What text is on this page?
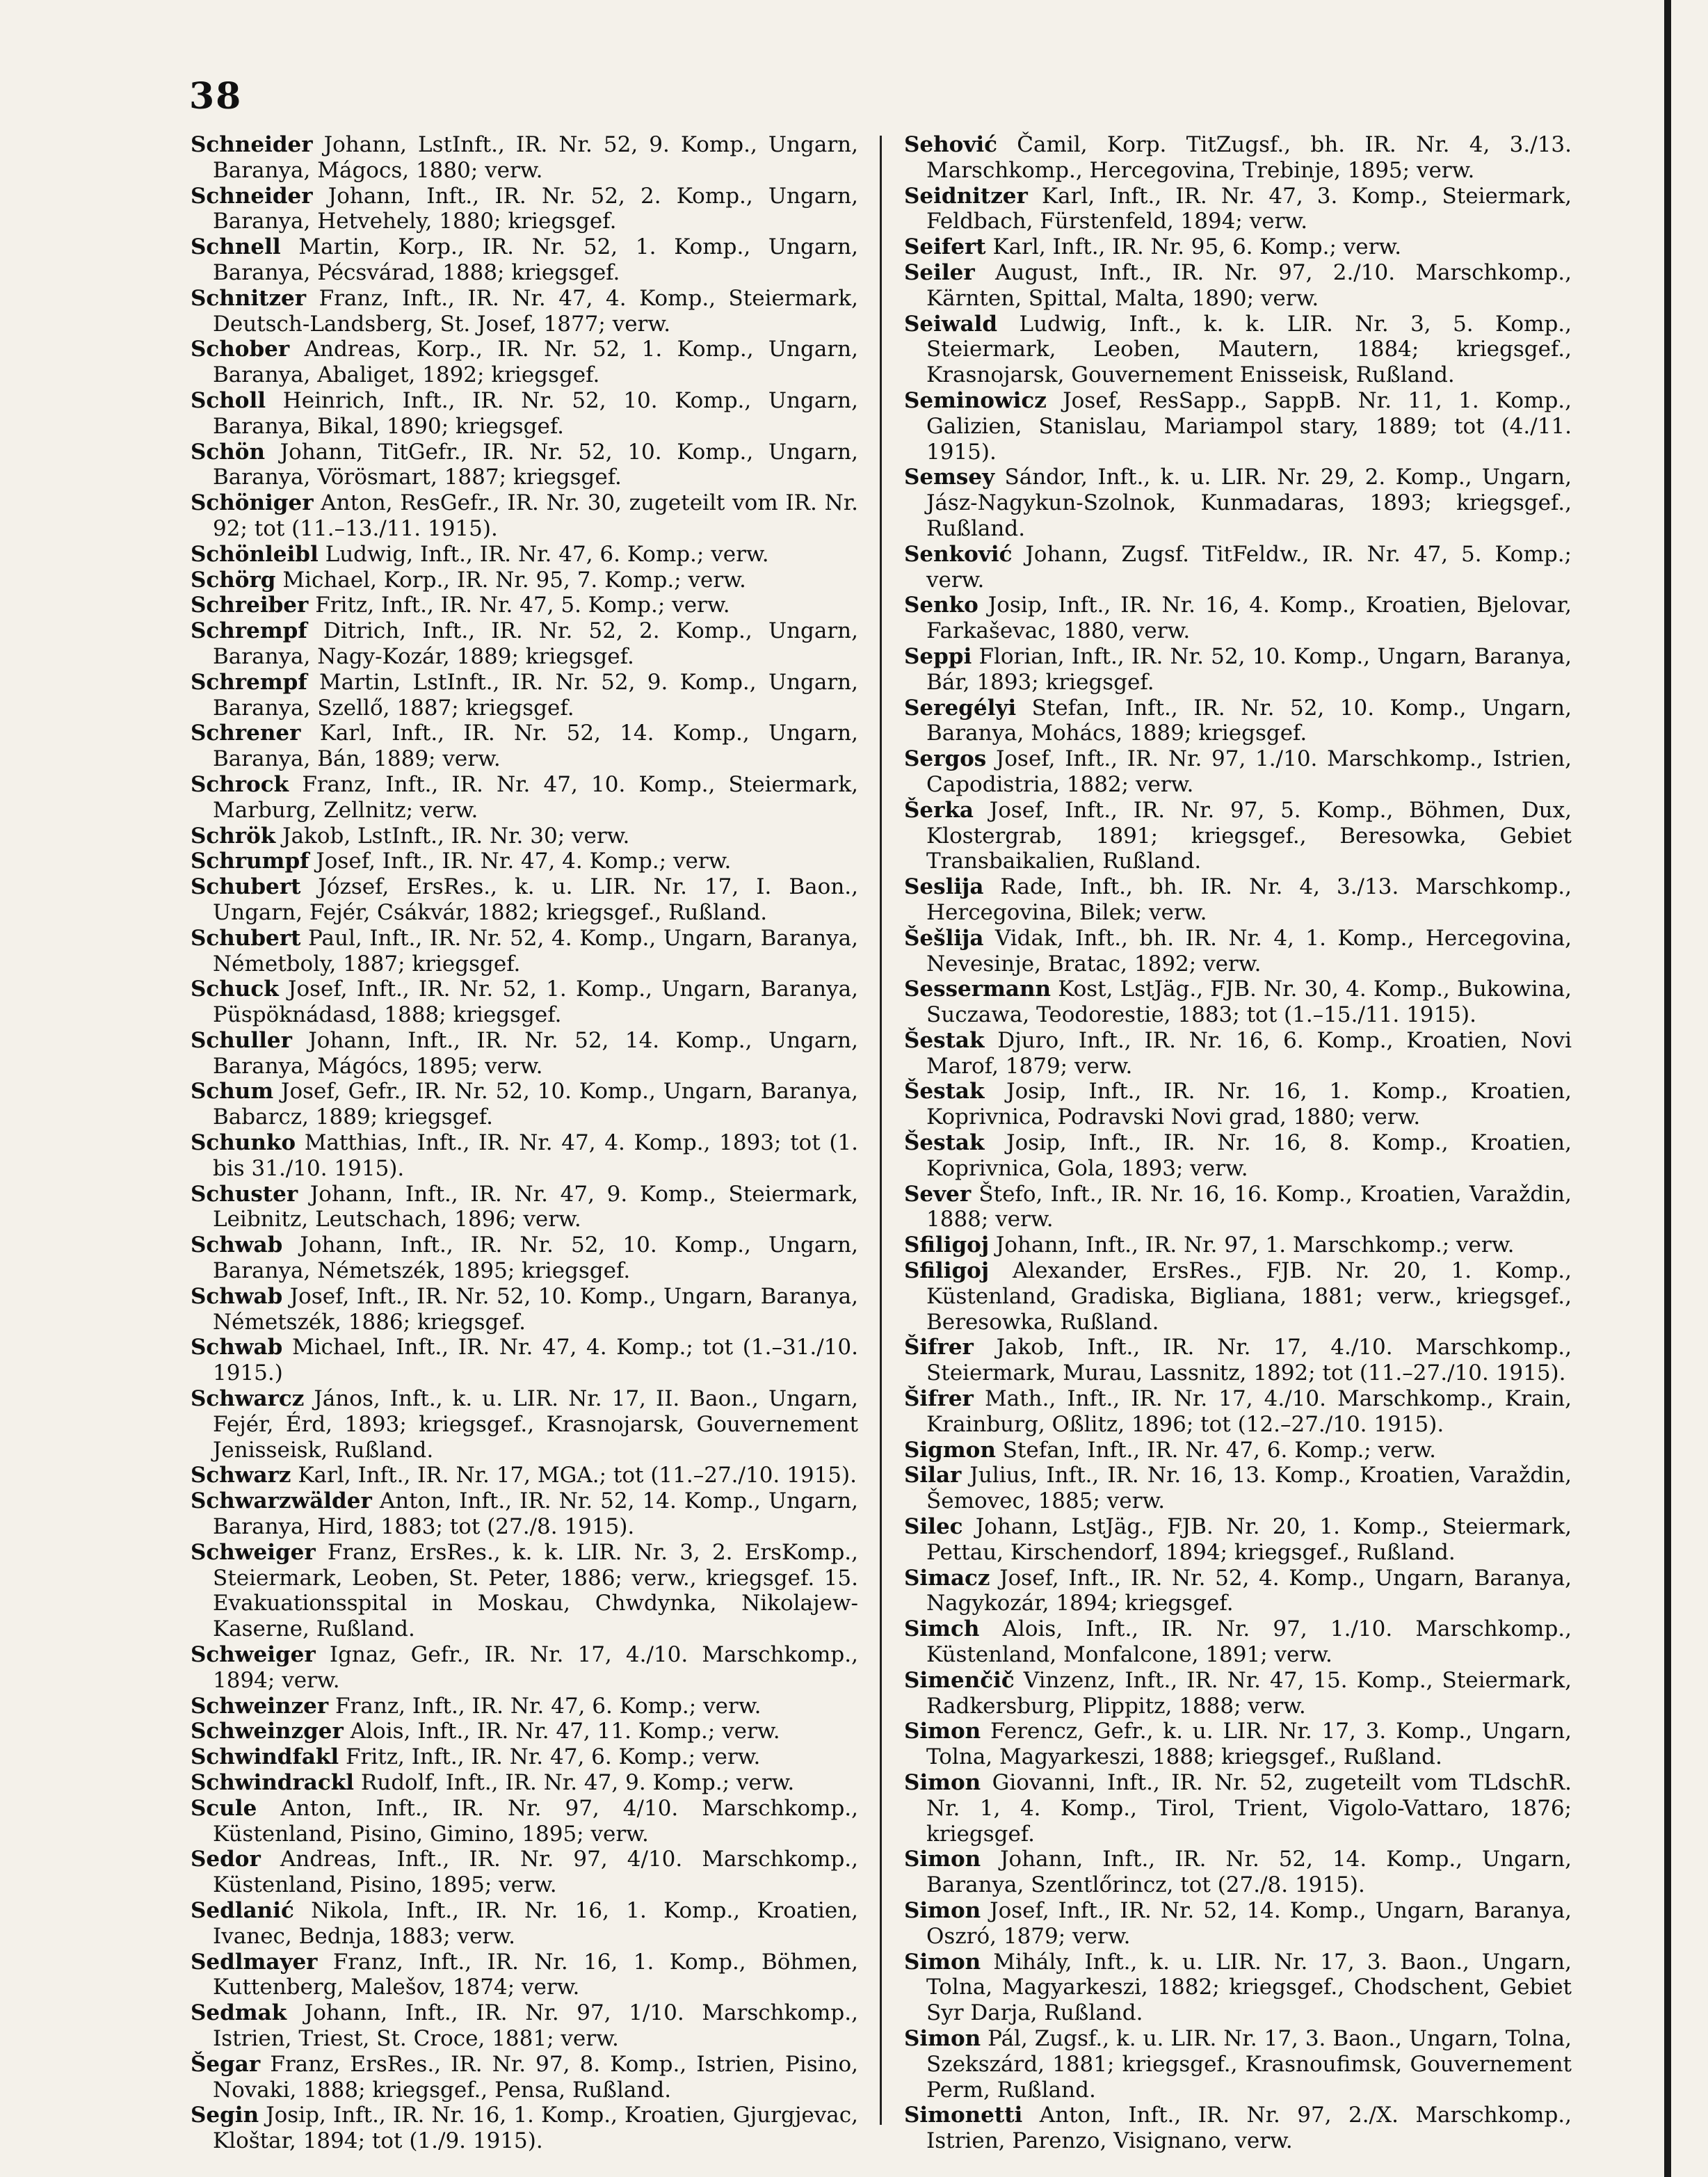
38

Schneider Johann, LstInft., IR. Nr. 52, 9. Komp., Ungarn, Baranya, Mágocs, 1880; verw.

Schneider Johann, Inft., IR. Nr. 52, 2. Komp., Ungarn, Baranya, Hetvehely, 1880; kriegsgef.

Schnell Martin, Korp., IR. Nr. 52, 1. Komp., Ungarn, Baranya, Pécsvárad, 1888; kriegsgef.

Schnitzer Franz, Inft., IR. Nr. 47, 4. Komp., Steiermark, Deutsch-Landsberg, St. Josef, 1877; verw.

Schober Andreas, Korp., IR. Nr. 52, 1. Komp., Ungarn, Baranya, Abaliget, 1892; kriegsgef.

Scholl Heinrich, Inft., IR. Nr. 52, 10. Komp., Ungarn, Baranya, Bikal, 1890; kriegsgef.

Schön Johann, TitGefr., IR. Nr. 52, 10. Komp., Ungarn, Baranya, Vörösmart, 1887; kriegsgef.

Schöniger Anton, ResGefr., IR. Nr. 30, zugeteilt vom IR. Nr. 92; tot (11.–13./11. 1915).

Schönleibl Ludwig, Inft., IR. Nr. 47, 6. Komp.; verw.

Schörg Michael, Korp., IR. Nr. 95, 7. Komp.; verw.

Schreiber Fritz, Inft., IR. Nr. 47, 5. Komp.; verw.

Schrempf Ditrich, Inft., IR. Nr. 52, 2. Komp., Ungarn, Baranya, Nagy-Kozár, 1889; kriegsgef.

Schrempf Martin, LstInft., IR. Nr. 52, 9. Komp., Ungarn, Baranya, Szellő, 1887; kriegsgef.

Schrener Karl, Inft., IR. Nr. 52, 14. Komp., Ungarn, Baranya, Bán, 1889; verw.

Schrock Franz, Inft., IR. Nr. 47, 10. Komp., Steiermark, Marburg, Zellnitz; verw.

Schrök Jakob, LstInft., IR. Nr. 30; verw.

Schrumpf Josef, Inft., IR. Nr. 47, 4. Komp.; verw.

Schubert József, ErsRes., k. u. LIR. Nr. 17, I. Baon., Ungarn, Fejér, Csákvár, 1882; kriegsgef., Rußland.

Schubert Paul, Inft., IR. Nr. 52, 4. Komp., Ungarn, Baranya, Németboly, 1887; kriegsgef.

Schuck Josef, Inft., IR. Nr. 52, 1. Komp., Ungarn, Baranya, Püspöknádasd, 1888; kriegsgef.

Schuller Johann, Inft., IR. Nr. 52, 14. Komp., Ungarn, Baranya, Mágócs, 1895; verw.

Schum Josef, Gefr., IR. Nr. 52, 10. Komp., Ungarn, Baranya, Babarcz, 1889; kriegsgef.

Schunko Matthias, Inft., IR. Nr. 47, 4. Komp., 1893; tot (1. bis 31./10. 1915).

Schuster Johann, Inft., IR. Nr. 47, 9. Komp., Steiermark, Leibnitz, Leutschach, 1896; verw.

Schwab Johann, Inft., IR. Nr. 52, 10. Komp., Ungarn, Baranya, Németszék, 1895; kriegsgef.

Schwab Josef, Inft., IR. Nr. 52, 10. Komp., Ungarn, Baranya, Németszék, 1886; kriegsgef.

Schwab Michael, Inft., IR. Nr. 47, 4. Komp.; tot (1.–31./10. 1915.)

Schwarcz János, Inft., k. u. LIR. Nr. 17, II. Baon., Ungarn, Fejér, Érd, 1893; kriegsgef., Krasnojarsk, Gouvernement Jenisseisk, Rußland.

Schwarz Karl, Inft., IR. Nr. 17, MGA.; tot (11.–27./10. 1915).

Schwarzwälder Anton, Inft., IR. Nr. 52, 14. Komp., Ungarn, Baranya, Hird, 1883; tot (27./8. 1915).

Schweiger Franz, ErsRes., k. k. LIR. Nr. 3, 2. ErsKomp., Steiermark, Leoben, St. Peter, 1886; verw., kriegsgef. 15. Evakuationsspital in Moskau, Chwdynka, Nikolajew-Kaserne, Rußland.

Schweiger Ignaz, Gefr., IR. Nr. 17, 4./10. Marschkomp., 1894; verw.

Schweinzer Franz, Inft., IR. Nr. 47, 6. Komp.; verw.

Schweinzger Alois, Inft., IR. Nr. 47, 11. Komp.; verw.

Schwindfakl Fritz, Inft., IR. Nr. 47, 6. Komp.; verw.

Schwindrackl Rudolf, Inft., IR. Nr. 47, 9. Komp.; verw.

Scule Anton, Inft., IR. Nr. 97, 4/10. Marschkomp., Küstenland, Pisino, Gimino, 1895; verw.

Sedor Andreas, Inft., IR. Nr. 97, 4/10. Marschkomp., Küstenland, Pisino, 1895; verw.

Sedlanić Nikola, Inft., IR. Nr. 16, 1. Komp., Kroatien, Ivanec, Bednja, 1883; verw.

Sedlmayer Franz, Inft., IR. Nr. 16, 1. Komp., Böhmen, Kuttenberg, Malešov, 1874; verw.

Sedmak Johann, Inft., IR. Nr. 97, 1/10. Marschkomp., Istrien, Triest, St. Croce, 1881; verw.

Šegar Franz, ErsRes., IR. Nr. 97, 8. Komp., Istrien, Pisino, Novaki, 1888; kriegsgef., Pensa, Rußland.

Segin Josip, Inft., IR. Nr. 16, 1. Komp., Kroatien, Gjurgjevac, Kloštar, 1894; tot (1./9. 1915).

Sehović Čamil, Korp. TitZugsf., bh. IR. Nr. 4, 3./13. Marschkomp., Hercegovina, Trebinje, 1895; verw.

Seidnitzer Karl, Inft., IR. Nr. 47, 3. Komp., Steiermark, Feldbach, Fürstenfeld, 1894; verw.

Seifert Karl, Inft., IR. Nr. 95, 6. Komp.; verw.

Seiler August, Inft., IR. Nr. 97, 2./10. Marschkomp., Kärnten, Spittal, Malta, 1890; verw.

Seiwald Ludwig, Inft., k. k. LIR. Nr. 3, 5. Komp., Steiermark, Leoben, Mautern, 1884; kriegsgef., Krasnojarsk, Gouvernement Enisseisk, Rußland.

Seminowicz Josef, ResSapp., SappB. Nr. 11, 1. Komp., Galizien, Stanislau, Mariampol stary, 1889; tot (4./11. 1915).

Semsey Sándor, Inft., k. u. LIR. Nr. 29, 2. Komp., Ungarn, Jász-Nagykun-Szolnok, Kunmadaras, 1893; kriegsgef., Rußland.

Senković Johann, Zugsf. TitFeldw., IR. Nr. 47, 5. Komp.; verw.

Senko Josip, Inft., IR. Nr. 16, 4. Komp., Kroatien, Bjelovar, Farkaševac, 1880, verw.

Seppi Florian, Inft., IR. Nr. 52, 10. Komp., Ungarn, Baranya, Bár, 1893; kriegsgef.

Seregélyi Stefan, Inft., IR. Nr. 52, 10. Komp., Ungarn, Baranya, Mohács, 1889; kriegsgef.

Sergos Josef, Inft., IR. Nr. 97, 1./10. Marschkomp., Istrien, Capodistria, 1882; verw.

Šerka Josef, Inft., IR. Nr. 97, 5. Komp., Böhmen, Dux, Klostergrab, 1891; kriegsgef., Beresowka, Gebiet Transbaikalien, Rußland.

Seslija Rade, Inft., bh. IR. Nr. 4, 3./13. Marschkomp., Hercegovina, Bilek; verw.

Šešlija Vidak, Inft., bh. IR. Nr. 4, 1. Komp., Hercegovina, Nevesinje, Bratac, 1892; verw.

Sessermann Kost, LstJäg., FJB. Nr. 30, 4. Komp., Bukowina, Suczawa, Teodorestie, 1883; tot (1.–15./11. 1915).

Šestak Djuro, Inft., IR. Nr. 16, 6. Komp., Kroatien, Novi Marof, 1879; verw.

Šestak Josip, Inft., IR. Nr. 16, 1. Komp., Kroatien, Koprivnica, Podravski Novi grad, 1880; verw.

Šestak Josip, Inft., IR. Nr. 16, 8. Komp., Kroatien, Koprivnica, Gola, 1893; verw.

Sever Štefo, Inft., IR. Nr. 16, 16. Komp., Kroatien, Varaždin, 1888; verw.

Sfiligoj Johann, Inft., IR. Nr. 97, 1. Marschkomp.; verw.

Sfiligoj Alexander, ErsRes., FJB. Nr. 20, 1. Komp., Küstenland, Gradiska, Bigliana, 1881; verw., kriegsgef., Beresowka, Rußland.

Šifrer Jakob, Inft., IR. Nr. 17, 4./10. Marschkomp., Steiermark, Murau, Lassnitz, 1892; tot (11.–27./10. 1915).

Šifrer Math., Inft., IR. Nr. 17, 4./10. Marschkomp., Krain, Krainburg, Oßlitz, 1896; tot (12.–27./10. 1915).

Sigmon Stefan, Inft., IR. Nr. 47, 6. Komp.; verw.

Silar Julius, Inft., IR. Nr. 16, 13. Komp., Kroatien, Varaždin, Šemovec, 1885; verw.

Silec Johann, LstJäg., FJB. Nr. 20, 1. Komp., Steiermark, Pettau, Kirschendorf, 1894; kriegsgef., Rußland.

Simacz Josef, Inft., IR. Nr. 52, 4. Komp., Ungarn, Baranya, Nagykozár, 1894; kriegsgef.

Simch Alois, Inft., IR. Nr. 97, 1./10. Marschkomp., Küstenland, Monfalcone, 1891; verw.

Simenčič Vinzenz, Inft., IR. Nr. 47, 15. Komp., Steiermark, Radkersburg, Plippitz, 1888; verw.

Simon Ferencz, Gefr., k. u. LIR. Nr. 17, 3. Komp., Ungarn, Tolna, Magyarkeszi, 1888; kriegsgef., Rußland.

Simon Giovanni, Inft., IR. Nr. 52, zugeteilt vom TLdschR. Nr. 1, 4. Komp., Tirol, Trient, Vigolo-Vattaro, 1876; kriegsgef.

Simon Johann, Inft., IR. Nr. 52, 14. Komp., Ungarn, Baranya, Szentlőrincz, tot (27./8. 1915).

Simon Josef, Inft., IR. Nr. 52, 14. Komp., Ungarn, Baranya, Oszró, 1879; verw.

Simon Mihály, Inft., k. u. LIR. Nr. 17, 3. Baon., Ungarn, Tolna, Magyarkeszi, 1882; kriegsgef., Chodschent, Gebiet Syr Darja, Rußland.

Simon Pál, Zugsf., k. u. LIR. Nr. 17, 3. Baon., Ungarn, Tolna, Szekszárd, 1881; kriegsgef., Krasnoufimsk, Gouvernement Perm, Rußland.

Simonetti Anton, Inft., IR. Nr. 97, 2./X. Marschkomp., Istrien, Parenzo, Visignano, verw.
